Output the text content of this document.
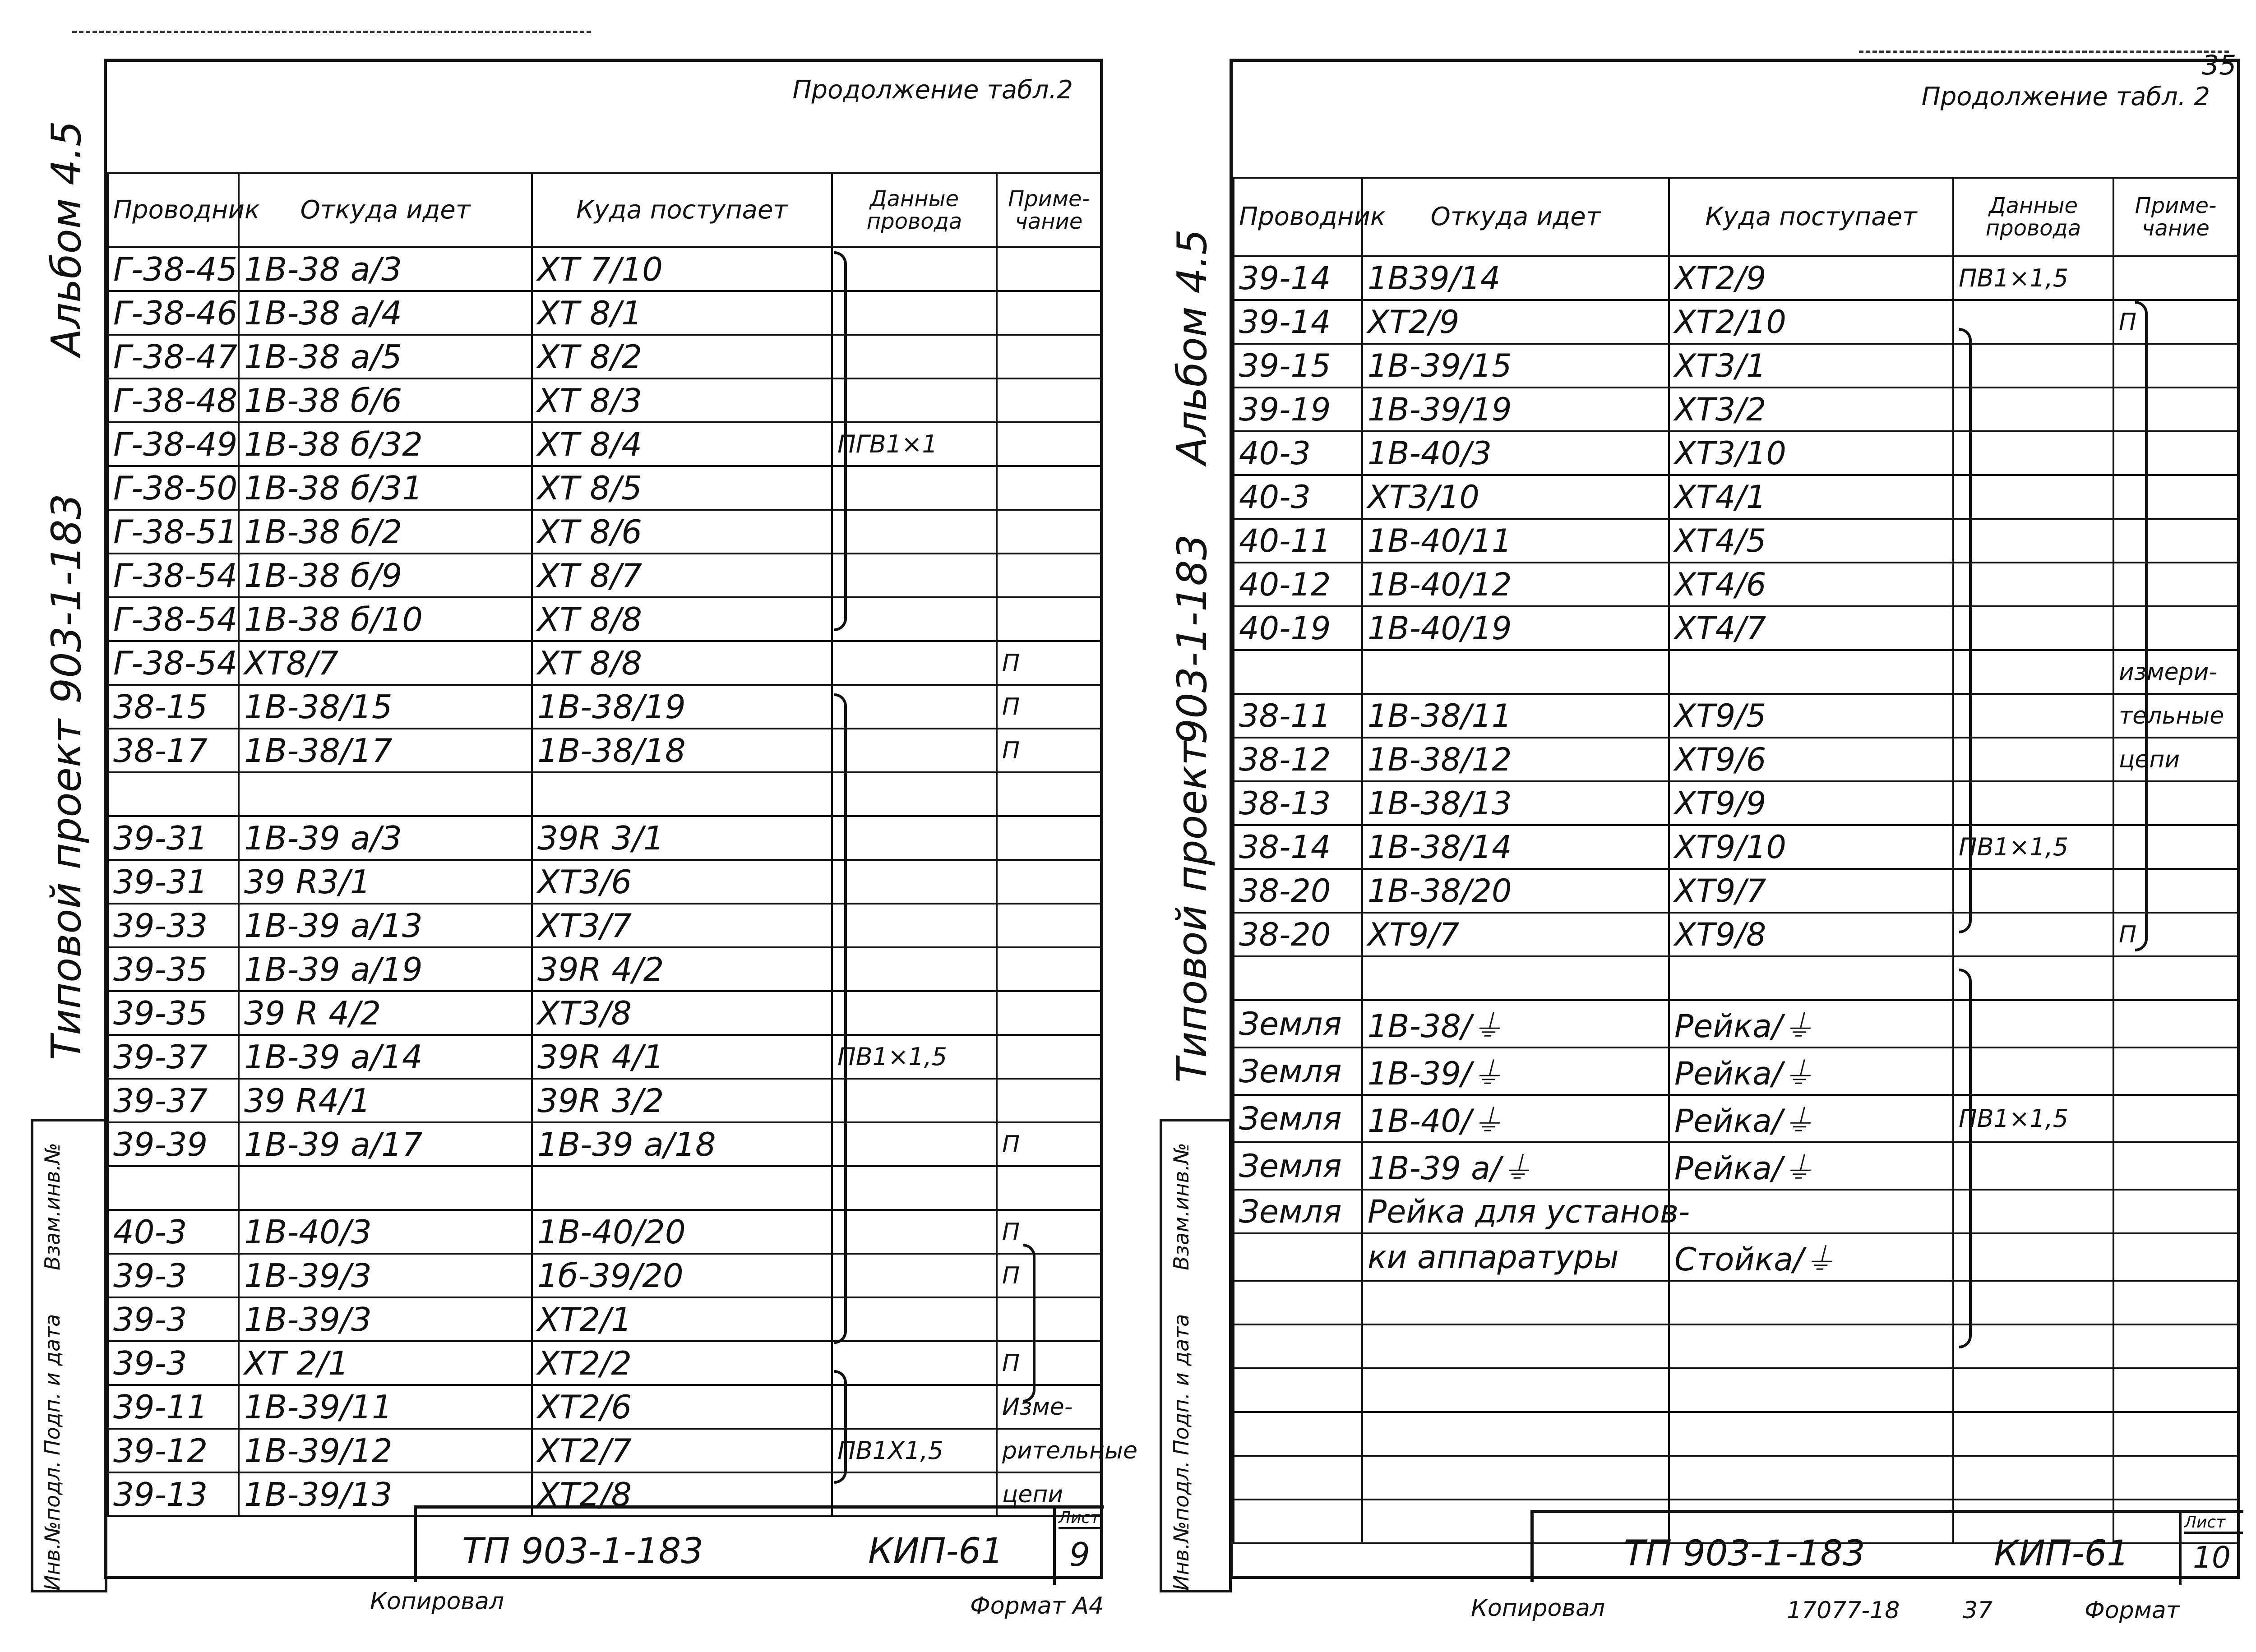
Альбом 4.5
903-1-183
Типовой проект
Взам.инв.№
Подп. и дата
Инв.№подл.
Продолжение табл.2
Проводник	Откуда идет	Куда поступает	Данные провода	Приме-чание
Г-38-45	1В-38 а/3	ХТ 7/10		
Г-38-46	1В-38 а/4	ХТ 8/1		
Г-38-47	1В-38 а/5	ХТ 8/2		
Г-38-48	1В-38 б/6	ХТ 8/3		
Г-38-49	1В-38 б/32	ХТ 8/4	ПГВ1×1	
Г-38-50	1В-38 б/31	ХТ 8/5		
Г-38-51	1В-38 б/2	ХТ 8/6		
Г-38-54	1В-38 б/9	ХТ 8/7		
Г-38-54	1В-38 б/10	ХТ 8/8		
Г-38-54	ХТ8/7	ХТ 8/8		П
38-15	1В-38/15	1В-38/19		П
38-17	1В-38/17	1В-38/18		П

39-31	1В-39 а/3	39R 3/1		
39-31	39 R3/1	ХТ3/6		
39-33	1В-39 а/13	ХТ3/7		
39-35	1В-39 а/19	39R 4/2		
39-35	39 R 4/2	ХТ3/8		
39-37	1В-39 а/14	39R 4/1	ПВ1×1,5	
39-37	39 R4/1	39R 3/2		
39-39	1В-39 а/17	1В-39 а/18		П

40-3	1В-40/3	1В-40/20		П
39-3	1В-39/3	1б-39/20		П
39-3	1В-39/3	ХТ2/1		
39-3	ХТ 2/1	ХТ2/2		П
39-11	1В-39/11	ХТ2/6		Изме-
39-12	1В-39/12	ХТ2/7	ПВ1Х1,5	рительные
39-13	1В-39/13	ХТ2/8		цепи
ТП 903-1-183	КИП-61
Лист
9
Копировал	Формат А4
35
Альбом 4.5
903-1-183
Типовой проект
Взам.инв.№
Подп. и дата
Инв.№подл.
Продолжение табл. 2
Проводник	Откуда идет	Куда поступает	Данные провода	Приме-чание
39-14	1В39/14	ХТ2/9	ПВ1×1,5	
39-14	ХТ2/9	ХТ2/10		П
39-15	1В-39/15	ХТ3/1		
39-19	1В-39/19	ХТ3/2		
40-3	1В-40/3	ХТ3/10		
40-3	ХТ3/10	ХТ4/1		
40-11	1В-40/11	ХТ4/5		
40-12	1В-40/12	ХТ4/6		
40-19	1В-40/19	ХТ4/7		
				измери-
38-11	1В-38/11	ХТ9/5		тельные
38-12	1В-38/12	ХТ9/6		цепи
38-13	1В-38/13	ХТ9/9		
38-14	1В-38/14	ХТ9/10	ПВ1×1,5	
38-20	1В-38/20	ХТ9/7		
38-20	ХТ9/7	ХТ9/8		П

Земля	1В-38/⏚	Рейка/⏚		
Земля	1В-39/⏚	Рейка/⏚		
Земля	1В-40/⏚	Рейка/⏚	ПВ1×1,5	
Земля	1В-39 а/⏚	Рейка/⏚		
Земля	Рейка для установ-			
	ки аппаратуры	Стойка/⏚		

ТП 903-1-183	КИП-61
Лист
10
Копировал	17077-18	37	Формат
